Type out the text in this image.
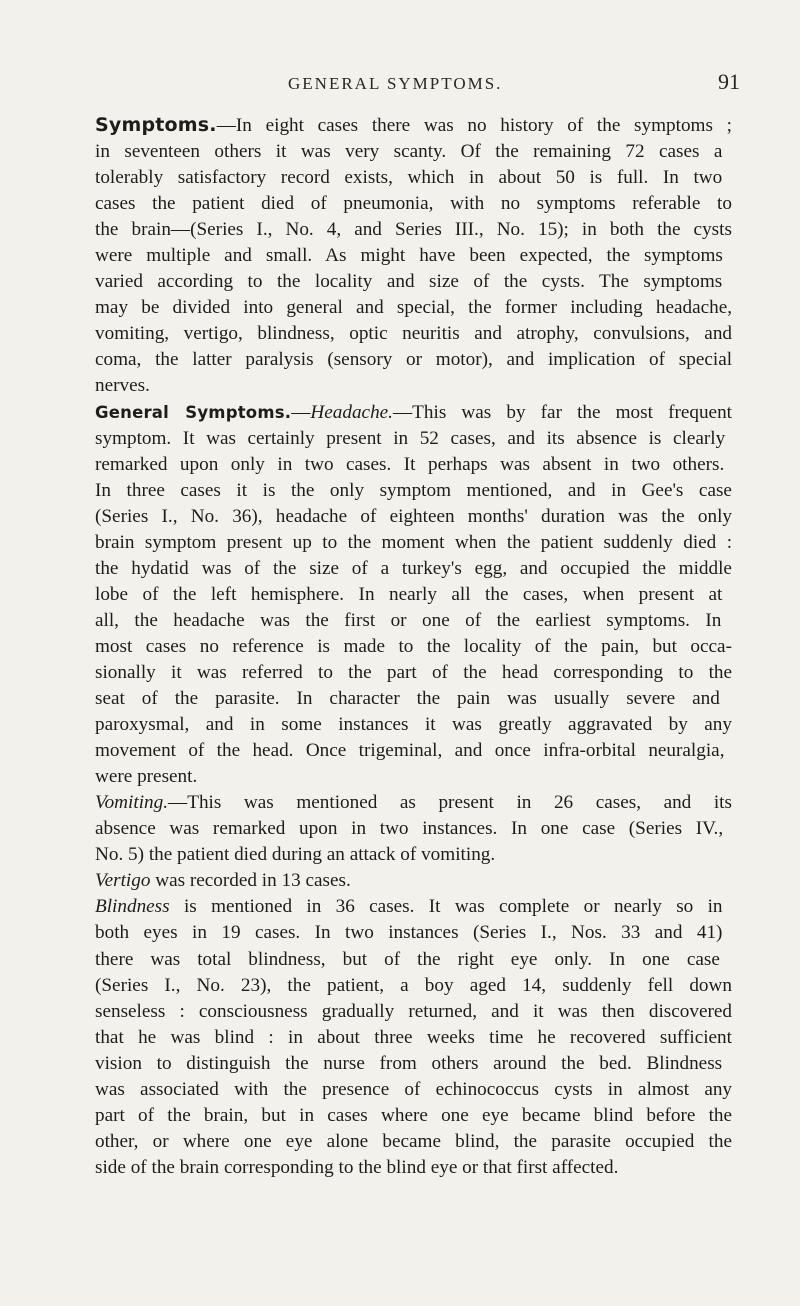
GENERAL SYMPTOMS.	91

Symptoms.—In eight cases there was no history of the symptoms ;
in seventeen others it was very scanty. Of the remaining 72 cases a
tolerably satisfactory record exists, which in about 50 is full. In two
cases the patient died of pneumonia, with no symptoms referable to
the brain—(Series I., No. 4, and Series III., No. 15); in both the cysts
were multiple and small. As might have been expected, the symptoms
varied according to the locality and size of the cysts. The symptoms
may be divided into general and special, the former including headache,
vomiting, vertigo, blindness, optic neuritis and atrophy, convulsions, and
coma, the latter paralysis (sensory or motor), and implication of special
nerves.

General Symptoms.—Headache.—This was by far the most frequent
symptom. It was certainly present in 52 cases, and its absence is clearly
remarked upon only in two cases. It perhaps was absent in two others.
In three cases it is the only symptom mentioned, and in Gee's case
(Series I., No. 36), headache of eighteen months' duration was the only
brain symptom present up to the moment when the patient suddenly died :
the hydatid was of the size of a turkey's egg, and occupied the middle
lobe of the left hemisphere. In nearly all the cases, when present at
all, the headache was the first or one of the earliest symptoms. In
most cases no reference is made to the locality of the pain, but occa-
sionally it was referred to the part of the head corresponding to the
seat of the parasite. In character the pain was usually severe and
paroxysmal, and in some instances it was greatly aggravated by any
movement of the head. Once trigeminal, and once infra-orbital neuralgia,
were present.

Vomiting.—This was mentioned as present in 26 cases, and its
absence was remarked upon in two instances. In one case (Series IV.,
No. 5) the patient died during an attack of vomiting.

Vertigo was recorded in 13 cases.

Blindness is mentioned in 36 cases. It was complete or nearly so in
both eyes in 19 cases. In two instances (Series I., Nos. 33 and 41)
there was total blindness, but of the right eye only. In one case
(Series I., No. 23), the patient, a boy aged 14, suddenly fell down
senseless : consciousness gradually returned, and it was then discovered
that he was blind : in about three weeks time he recovered sufficient
vision to distinguish the nurse from others around the bed. Blindness
was associated with the presence of echinococcus cysts in almost any
part of the brain, but in cases where one eye became blind before the
other, or where one eye alone became blind, the parasite occupied the
side of the brain corresponding to the blind eye or that first affected.
